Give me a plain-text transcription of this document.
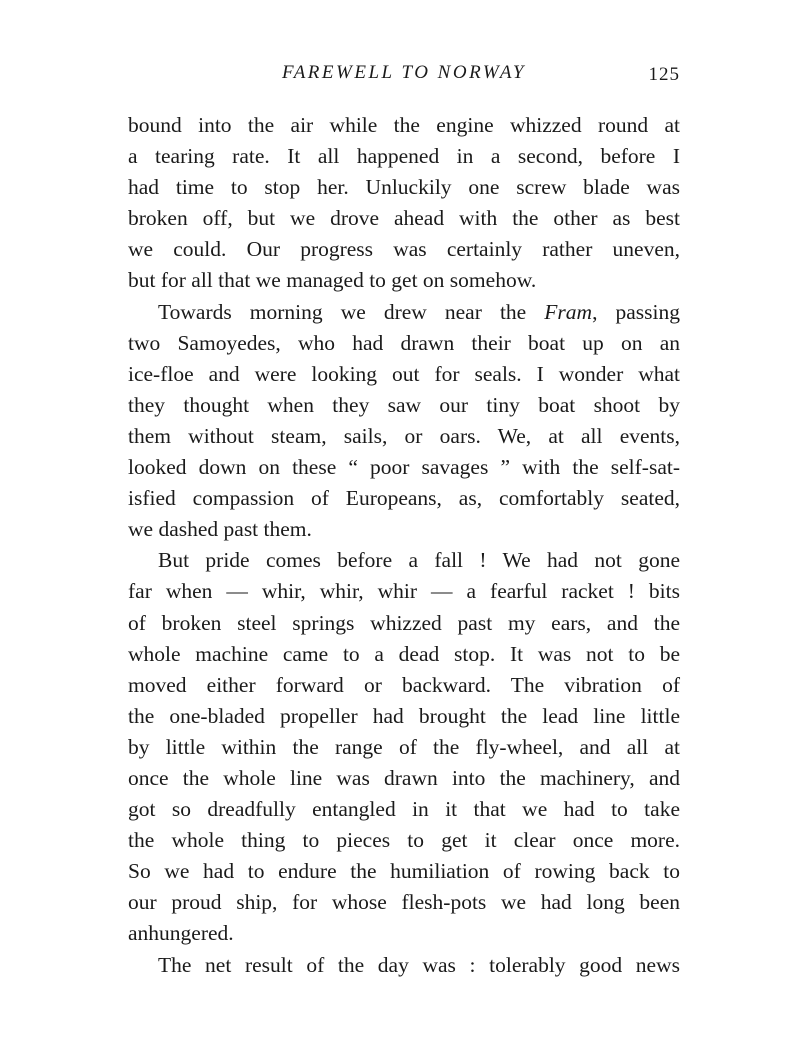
FAREWELL TO NORWAY	125
bound into the air while the engine whizzed round at
a tearing rate. It all happened in a second, before I
had time to stop her. Unluckily one screw blade was
broken off, but we drove ahead with the other as best
we could. Our progress was certainly rather uneven,
but for all that we managed to get on somehow.
Towards morning we drew near the Fram, passing
two Samoyedes, who had drawn their boat up on an
ice-floe and were looking out for seals. I wonder what
they thought when they saw our tiny boat shoot by
them without steam, sails, or oars. We, at all events,
looked down on these “ poor savages ” with the self-sat-
isfied compassion of Europeans, as, comfortably seated,
we dashed past them.
But pride comes before a fall ! We had not gone
far when — whir, whir, whir — a fearful racket ! bits
of broken steel springs whizzed past my ears, and the
whole machine came to a dead stop. It was not to be
moved either forward or backward. The vibration of
the one-bladed propeller had brought the lead line little
by little within the range of the fly-wheel, and all at
once the whole line was drawn into the machinery, and
got so dreadfully entangled in it that we had to take
the whole thing to pieces to get it clear once more.
So we had to endure the humiliation of rowing back to
our proud ship, for whose flesh-pots we had long been
anhungered.
The net result of the day was : tolerably good news
